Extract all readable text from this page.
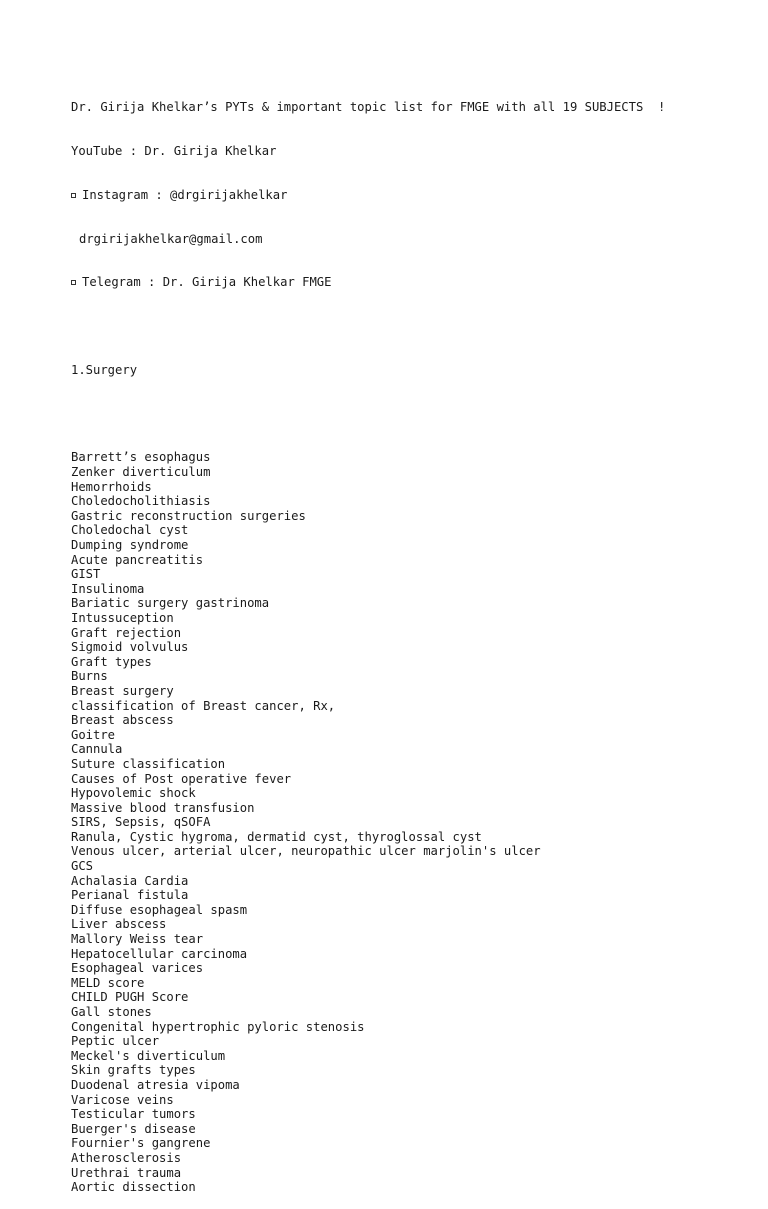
Dr. Girija Khelkar’s PYTs & important topic list for FMGE with all 19 SUBJECTS  !

YouTube : Dr. Girija Khelkar

Instagram : @drgirijakhelkar

drgirijakhelkar@gmail.com

Telegram : Dr. Girija Khelkar FMGE

1.Surgery

Barrett’s esophagus
Zenker diverticulum
Hemorrhoids
Choledocholithiasis
Gastric reconstruction surgeries
Choledochal cyst
Dumping syndrome
Acute pancreatitis
GIST
Insulinoma
Bariatic surgery gastrinoma
Intussuception
Graft rejection
Sigmoid volvulus
Graft types
Burns
Breast surgery
classification of Breast cancer, Rx,
Breast abscess
Goitre
Cannula
Suture classification
Causes of Post operative fever
Hypovolemic shock
Massive blood transfusion
SIRS, Sepsis, qSOFA
Ranula, Cystic hygroma, dermatid cyst, thyroglossal cyst
Venous ulcer, arterial ulcer, neuropathic ulcer marjolin's ulcer
GCS
Achalasia Cardia
Perianal fistula
Diffuse esophageal spasm
Liver abscess
Mallory Weiss tear
Hepatocellular carcinoma
Esophageal varices
MELD score
CHILD PUGH Score
Gall stones
Congenital hypertrophic pyloric stenosis
Peptic ulcer
Meckel's diverticulum
Skin grafts types
Duodenal atresia vipoma
Varicose veins
Testicular tumors
Buerger's disease
Fournier's gangrene
Atherosclerosis
Urethrai trauma
Aortic dissection
